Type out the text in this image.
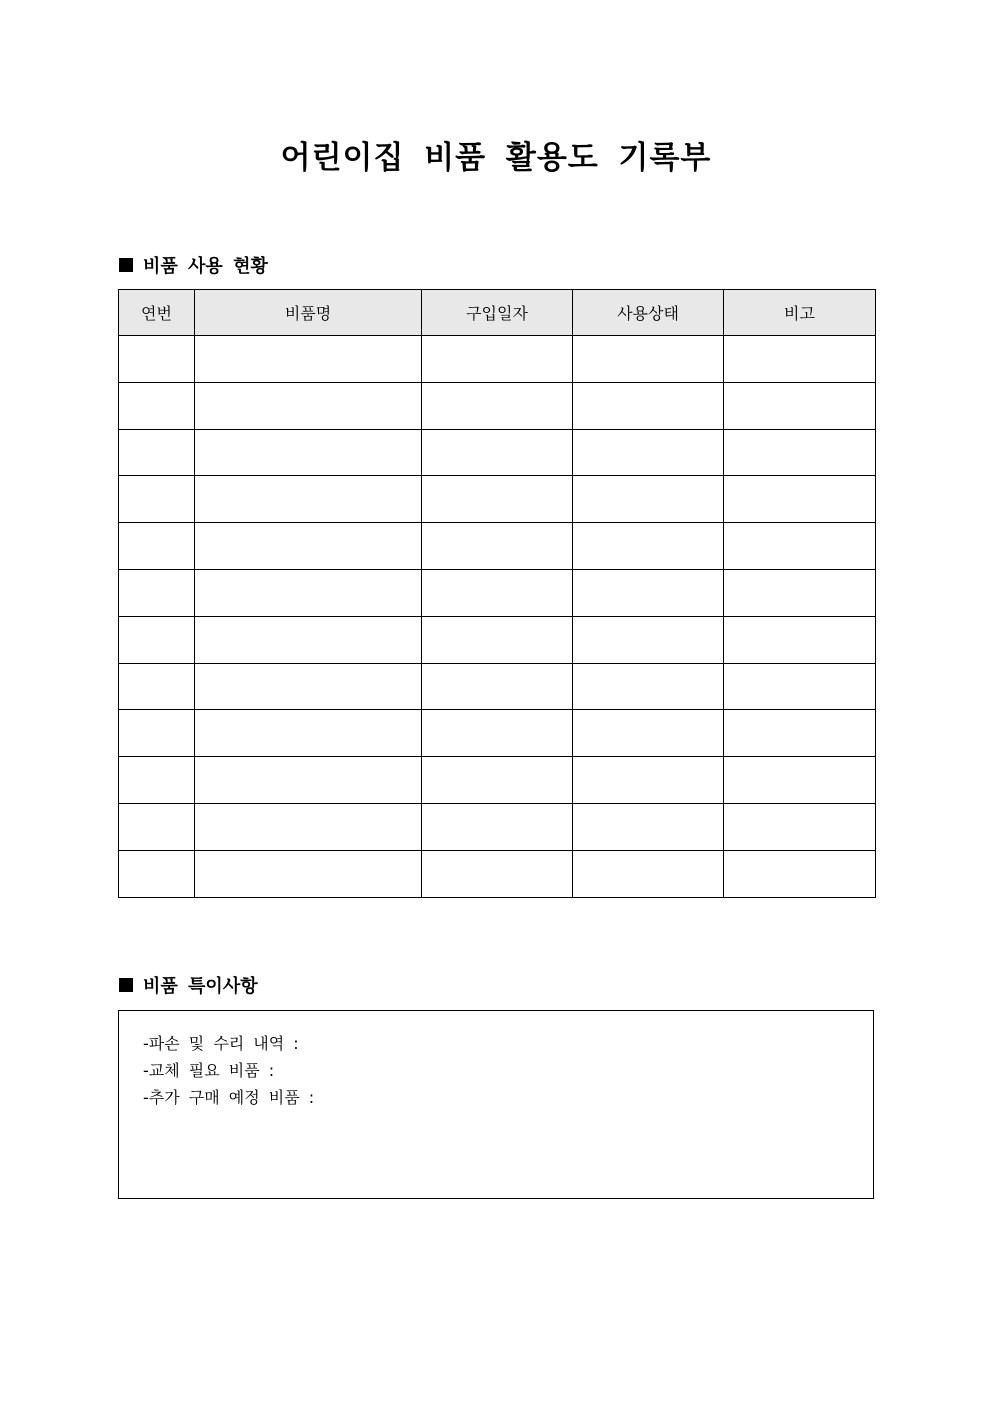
어린이집 비품 활용도 기록부
비품 사용 현황
연번	비품명	구입일자	사용상태	비고

비품 특이사항
-파손 및 수리 내역 :
-교체 필요 비품 :
-추가 구매 예정 비품 :
